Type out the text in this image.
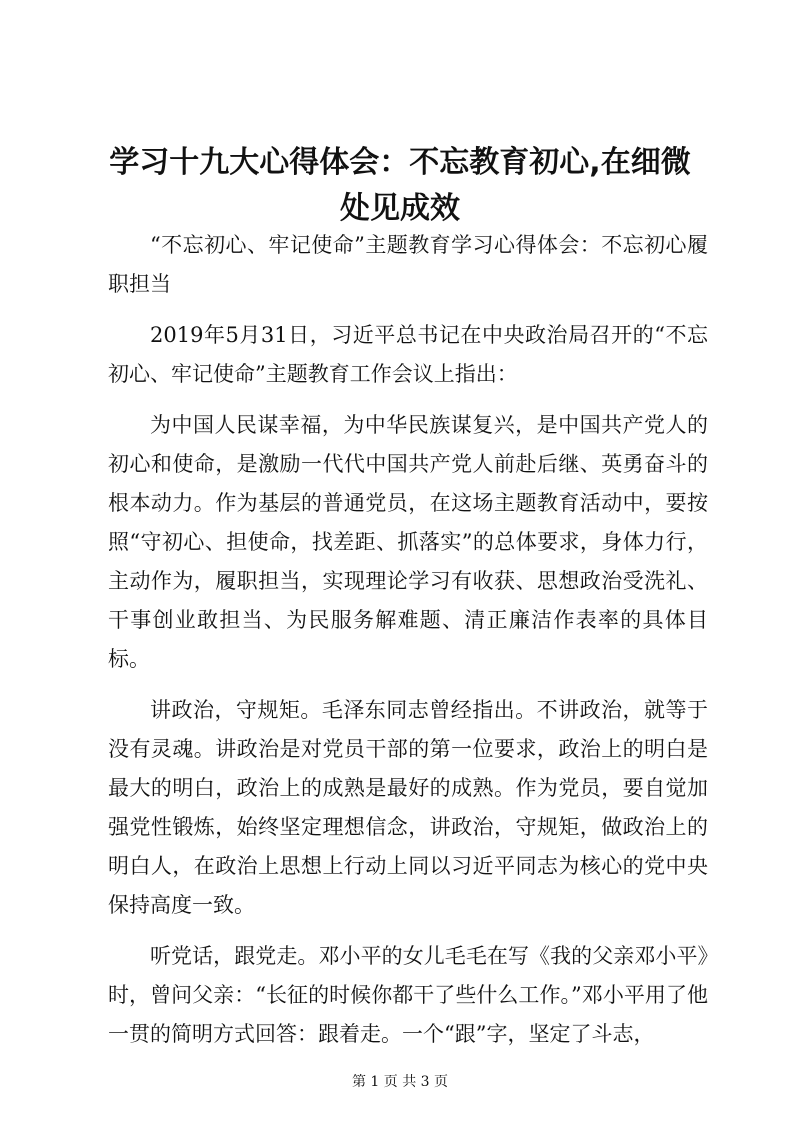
学习十九大心得体会：不忘教育初心,在细微
处见成效

“不忘初心、牢记使命”主题教育学习心得体会：不忘初心履职担当

2019年5月31日，习近平总书记在中央政治局召开的“不忘初心、牢记使命”主题教育工作会议上指出：

为中国人民谋幸福，为中华民族谋复兴，是中国共产党人的初心和使命，是激励一代代中国共产党人前赴后继、英勇奋斗的根本动力。作为基层的普通党员，在这场主题教育活动中，要按照“守初心、担使命，找差距、抓落实”的总体要求，身体力行，主动作为，履职担当，实现理论学习有收获、思想政治受洗礼、干事创业敢担当、为民服务解难题、清正廉洁作表率的具体目标。

讲政治，守规矩。毛泽东同志曾经指出。不讲政治，就等于没有灵魂。讲政治是对党员干部的第一位要求，政治上的明白是最大的明白，政治上的成熟是最好的成熟。作为党员，要自觉加强党性锻炼，始终坚定理想信念，讲政治，守规矩，做政治上的明白人，在政治上思想上行动上同以习近平同志为核心的党中央保持高度一致。

听党话，跟党走。邓小平的女儿毛毛在写《我的父亲邓小平》时，曾问父亲：“长征的时候你都干了些什么工作。”邓小平用了他一贯的简明方式回答：跟着走。一个“跟”字，坚定了斗志，

第 1 页 共 3 页
